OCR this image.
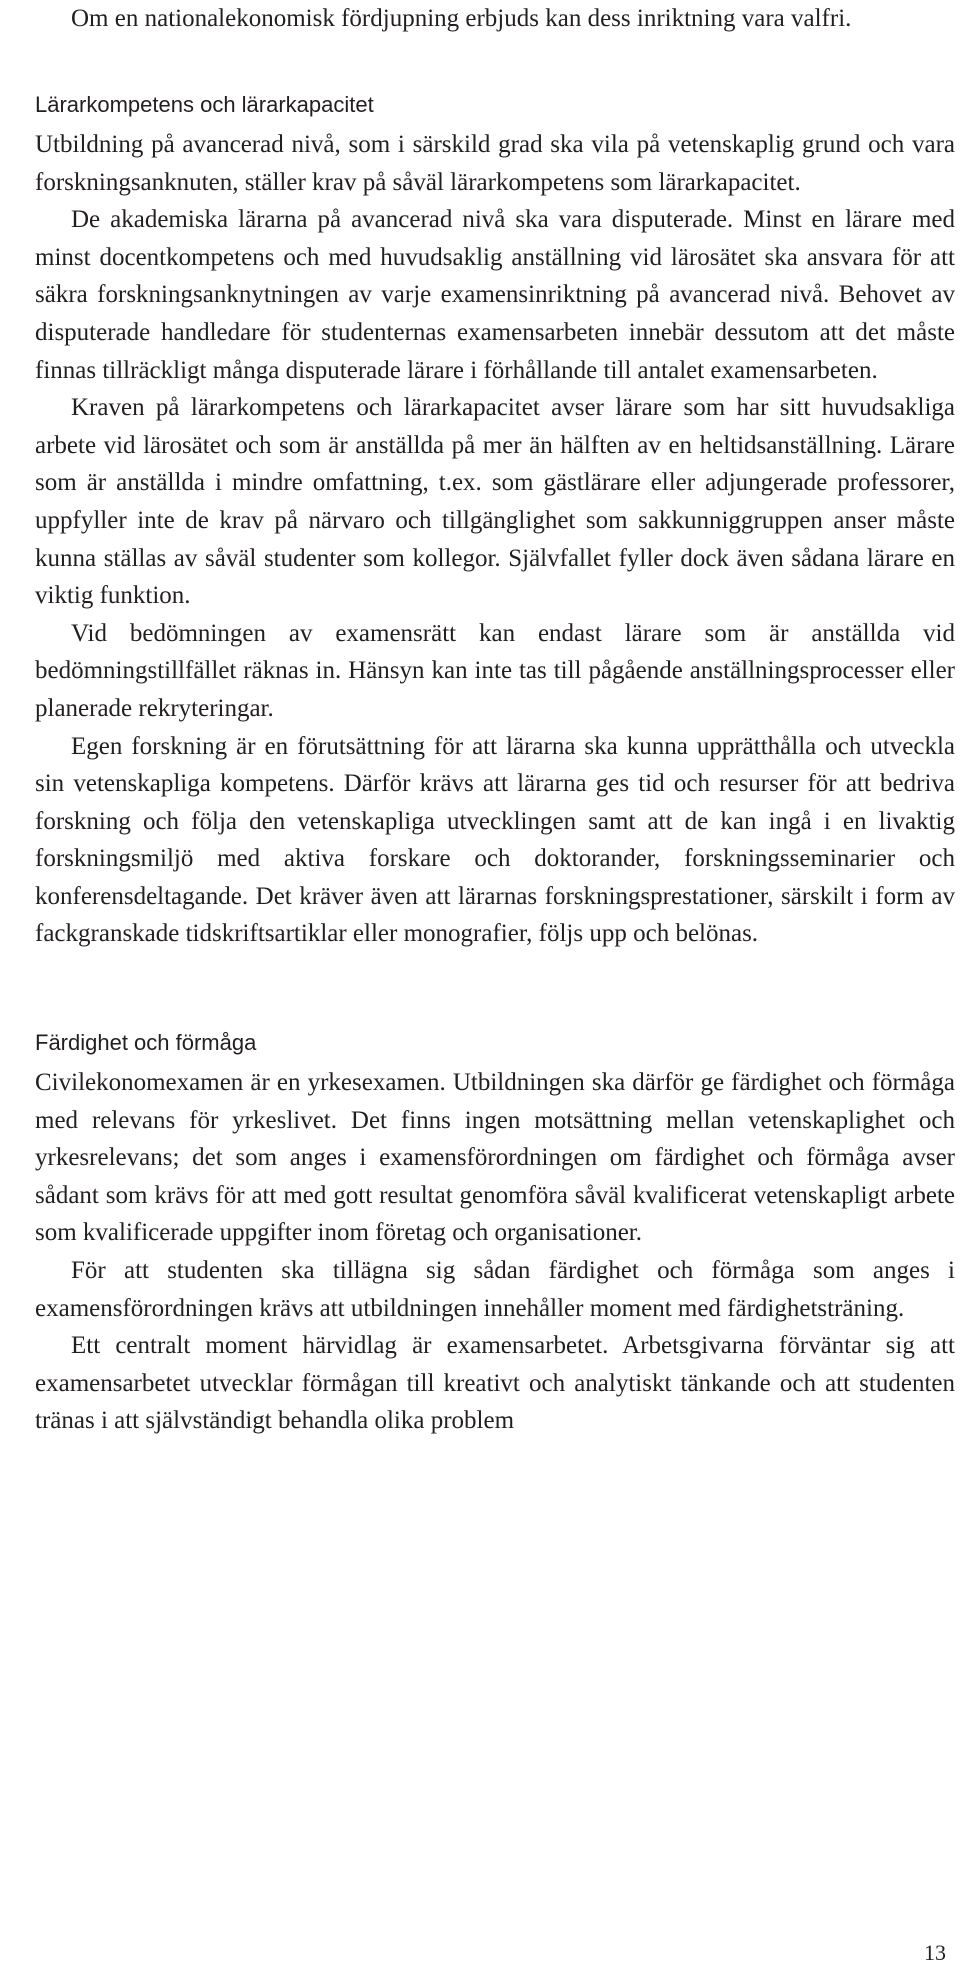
Om en nationalekonomisk fördjupning erbjuds kan dess inriktning vara valfri.

Lärarkompetens och lärarkapacitet

Utbildning på avancerad nivå, som i särskild grad ska vila på vetenskaplig grund och vara forskningsanknuten, ställer krav på såväl lärarkompetens som lärarkapacitet.

De akademiska lärarna på avancerad nivå ska vara disputerade. Minst en lärare med minst docentkompetens och med huvudsaklig anställning vid lärosätet ska ansvara för att säkra forskningsanknytningen av varje examensinriktning på avancerad nivå. Behovet av disputerade handledare för studenternas examensarbeten innebär dessutom att det måste finnas tillräckligt många disputerade lärare i förhållande till antalet examensarbeten.

Kraven på lärarkompetens och lärarkapacitet avser lärare som har sitt huvudsakliga arbete vid lärosätet och som är anställda på mer än hälften av en heltidsanställning. Lärare som är anställda i mindre omfattning, t.ex. som gästlärare eller adjungerade professorer, uppfyller inte de krav på närvaro och tillgänglighet som sakkunniggruppen anser måste kunna ställas av såväl studenter som kollegor. Självfallet fyller dock även sådana lärare en viktig funktion.

Vid bedömningen av examensrätt kan endast lärare som är anställda vid bedömningstillfället räknas in. Hänsyn kan inte tas till pågående anställningsprocesser eller planerade rekryteringar.

Egen forskning är en förutsättning för att lärarna ska kunna upprätthålla och utveckla sin vetenskapliga kompetens. Därför krävs att lärarna ges tid och resurser för att bedriva forskning och följa den vetenskapliga utvecklingen samt att de kan ingå i en livaktig forskningsmiljö med aktiva forskare och doktorander, forskningsseminarier och konferensdeltagande. Det kräver även att lärarnas forskningsprestationer, särskilt i form av fackgranskade tidskriftsartiklar eller monografier, följs upp och belönas.

Färdighet och förmåga

Civilekonomexamen är en yrkesexamen. Utbildningen ska därför ge färdighet och förmåga med relevans för yrkeslivet. Det finns ingen motsättning mellan vetenskaplighet och yrkesrelevans; det som anges i examensförordningen om färdighet och förmåga avser sådant som krävs för att med gott resultat genomföra såväl kvalificerat vetenskapligt arbete som kvalificerade uppgifter inom företag och organisationer.

För att studenten ska tillägna sig sådan färdighet och förmåga som anges i examensförordningen krävs att utbildningen innehåller moment med färdighetsträning.

Ett centralt moment härvidlag är examensarbetet. Arbetsgivarna förväntar sig att examensarbetet utvecklar förmågan till kreativt och analytiskt tänkande och att studenten tränas i att självständigt behandla olika problem

13
